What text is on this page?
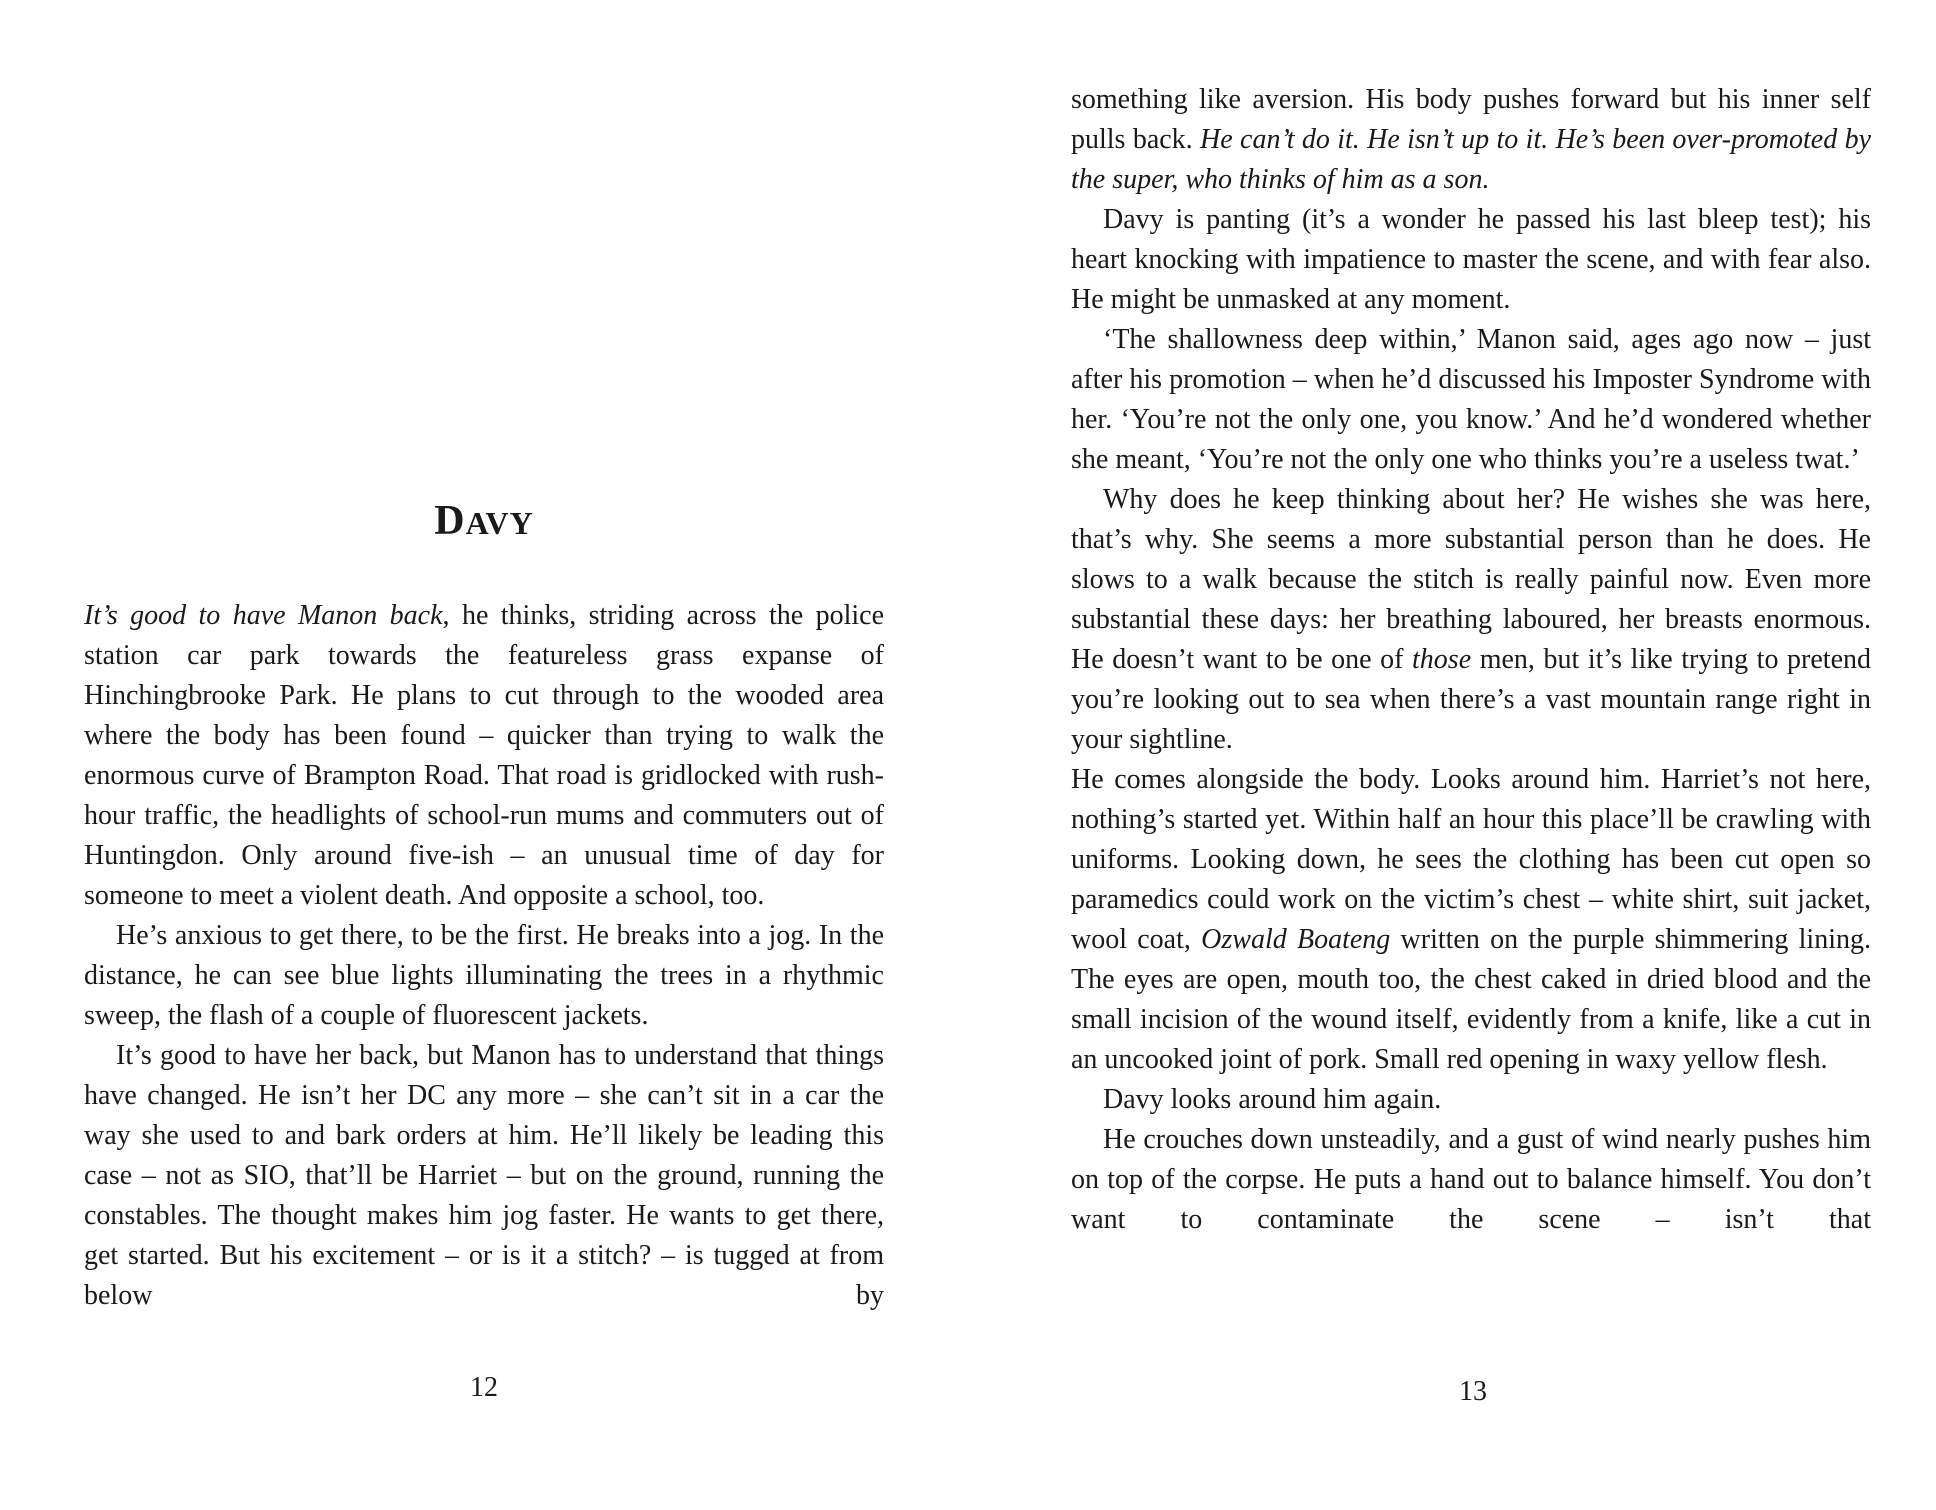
DAVY

It’s good to have Manon back, he thinks, striding across the police station car park towards the featureless grass expanse of Hinchingbrooke Park. He plans to cut through to the wooded area where the body has been found – quicker than trying to walk the enormous curve of Brampton Road. That road is gridlocked with rush-hour traffic, the headlights of school-run mums and commuters out of Huntingdon. Only around five-ish – an unusual time of day for someone to meet a violent death. And opposite a school, too.

He’s anxious to get there, to be the first. He breaks into a jog. In the distance, he can see blue lights illuminating the trees in a rhythmic sweep, the flash of a couple of fluorescent jackets.

It’s good to have her back, but Manon has to understand that things have changed. He isn’t her DC any more – she can’t sit in a car the way she used to and bark orders at him. He’ll likely be leading this case – not as SIO, that’ll be Harriet – but on the ground, running the constables. The thought makes him jog faster. He wants to get there, get started. But his excitement – or is it a stitch? – is tugged at from below by

12

something like aversion. His body pushes forward but his inner self pulls back. He can’t do it. He isn’t up to it. He’s been over-promoted by the super, who thinks of him as a son.

Davy is panting (it’s a wonder he passed his last bleep test); his heart knocking with impatience to master the scene, and with fear also. He might be unmasked at any moment.

‘The shallowness deep within,’ Manon said, ages ago now – just after his promotion – when he’d discussed his Imposter Syndrome with her. ‘You’re not the only one, you know.’ And he’d wondered whether she meant, ‘You’re not the only one who thinks you’re a useless twat.’

Why does he keep thinking about her? He wishes she was here, that’s why. She seems a more substantial person than he does. He slows to a walk because the stitch is really painful now. Even more substantial these days: her breathing laboured, her breasts enormous. He doesn’t want to be one of those men, but it’s like trying to pretend you’re looking out to sea when there’s a vast mountain range right in your sightline.

He comes alongside the body. Looks around him. Harriet’s not here, nothing’s started yet. Within half an hour this place’ll be crawling with uniforms. Looking down, he sees the clothing has been cut open so paramedics could work on the victim’s chest – white shirt, suit jacket, wool coat, Ozwald Boateng written on the purple shimmering lining. The eyes are open, mouth too, the chest caked in dried blood and the small incision of the wound itself, evidently from a knife, like a cut in an uncooked joint of pork. Small red opening in waxy yellow flesh.

Davy looks around him again.

He crouches down unsteadily, and a gust of wind nearly pushes him on top of the corpse. He puts a hand out to balance himself. You don’t want to contaminate the scene – isn’t that

13
